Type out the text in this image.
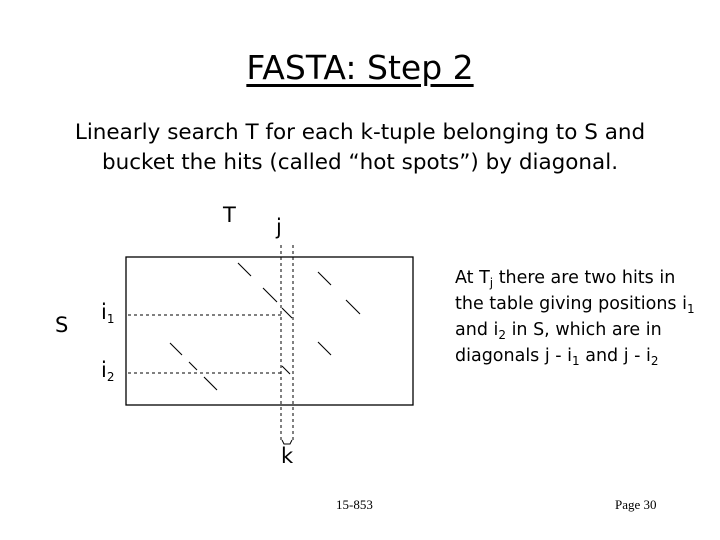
FASTA: Step 2
Linearly search T for each k-tuple belonging to S and bucket the hits (called “hot spots”) by diagonal.
T j
S
$i_1$
$i_2$
k
At $T_j$ there are two hits in the table giving positions $i_1$ and $i_2$ in S, which are in diagonals j - $i_1$ and j - $i_2$
15-853	Page 30
